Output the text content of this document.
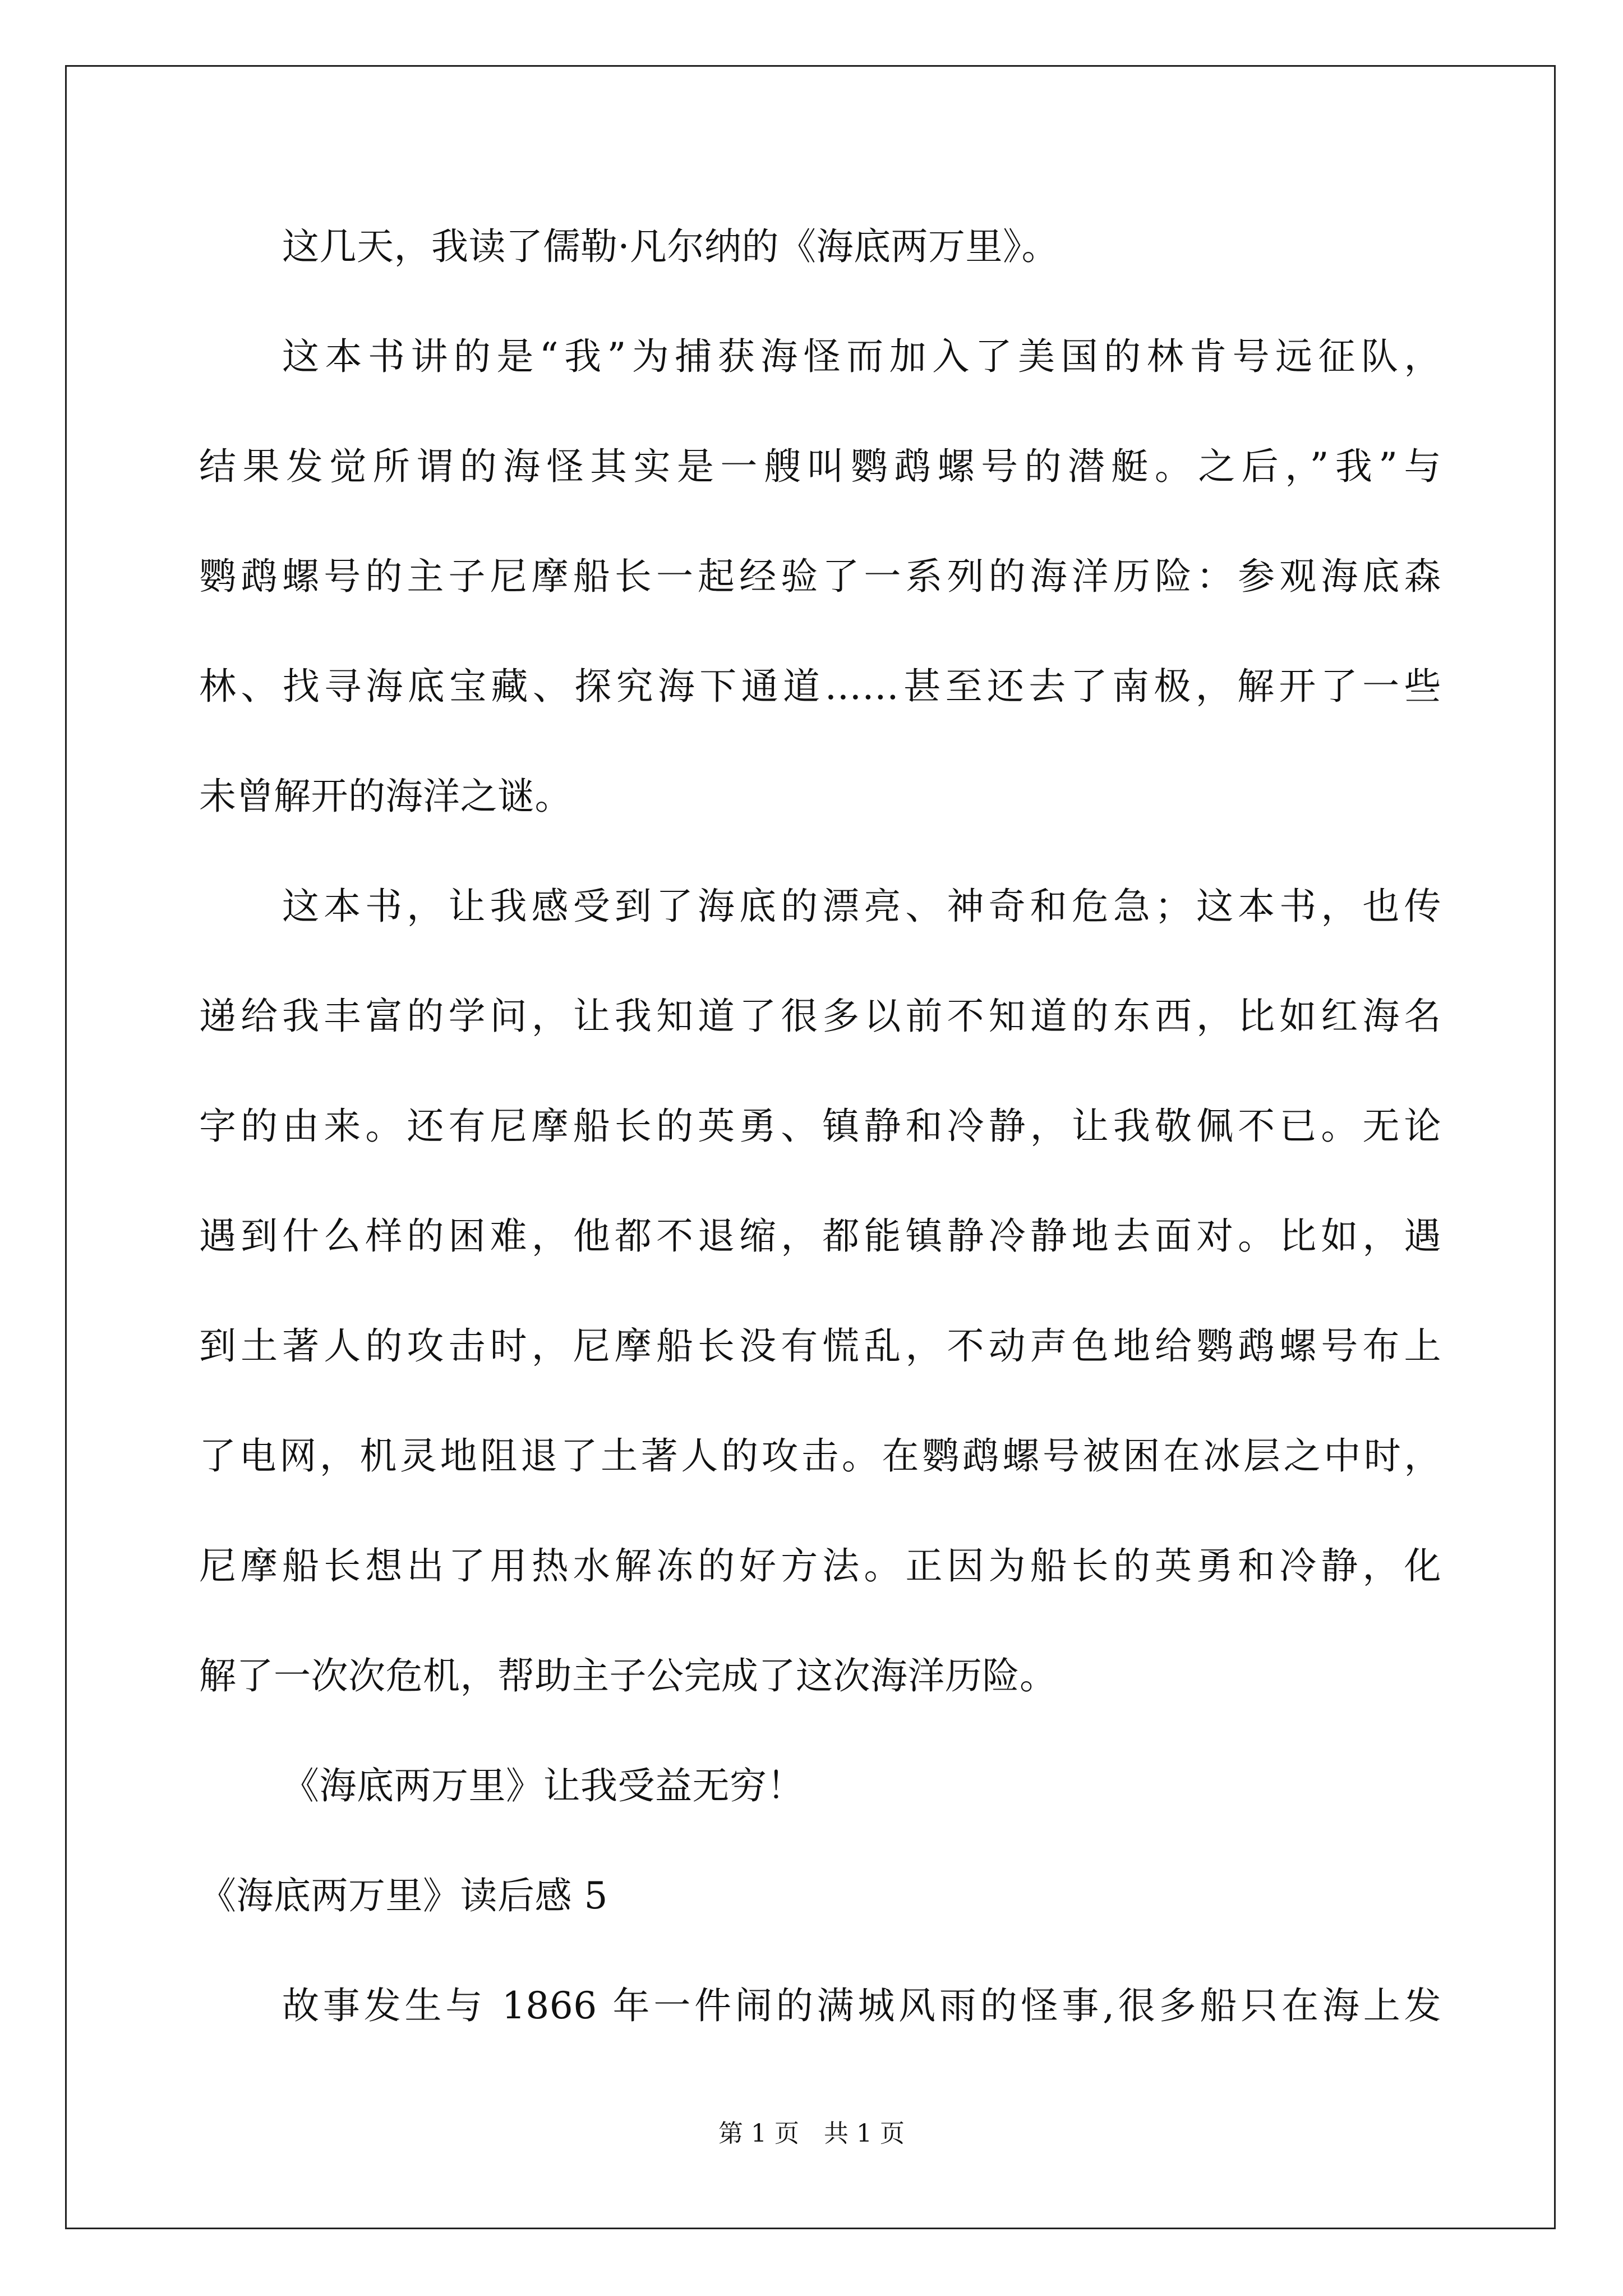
这几天，我读了儒勒·凡尔纳的《海底两万里》。
这本书讲的是“我”为捕获海怪而加入了美国的林肯号远征队，
结果发觉所谓的海怪其实是一艘叫鹦鹉螺号的潜艇。之后，”我”与
鹦鹉螺号的主子尼摩船长一起经验了一系列的海洋历险：参观海底森
林、找寻海底宝藏、探究海下通道……甚至还去了南极，解开了一些
未曾解开的海洋之谜。
这本书，让我感受到了海底的漂亮、神奇和危急；这本书，也传
递给我丰富的学问，让我知道了很多以前不知道的东西，比如红海名
字的由来。还有尼摩船长的英勇、镇静和冷静，让我敬佩不已。无论
遇到什么样的困难，他都不退缩，都能镇静冷静地去面对。比如，遇
到土著人的攻击时，尼摩船长没有慌乱，不动声色地给鹦鹉螺号布上
了电网，机灵地阻退了土著人的攻击。在鹦鹉螺号被困在冰层之中时，
尼摩船长想出了用热水解冻的好方法。正因为船长的英勇和冷静，化
解了一次次危机，帮助主子公完成了这次海洋历险。
《海底两万里》让我受益无穷！
《海底两万里》读后感 5
故事发生与 1866 年一件闹的满城风雨的怪事,很多船只在海上发
第 1 页　共 1 页
